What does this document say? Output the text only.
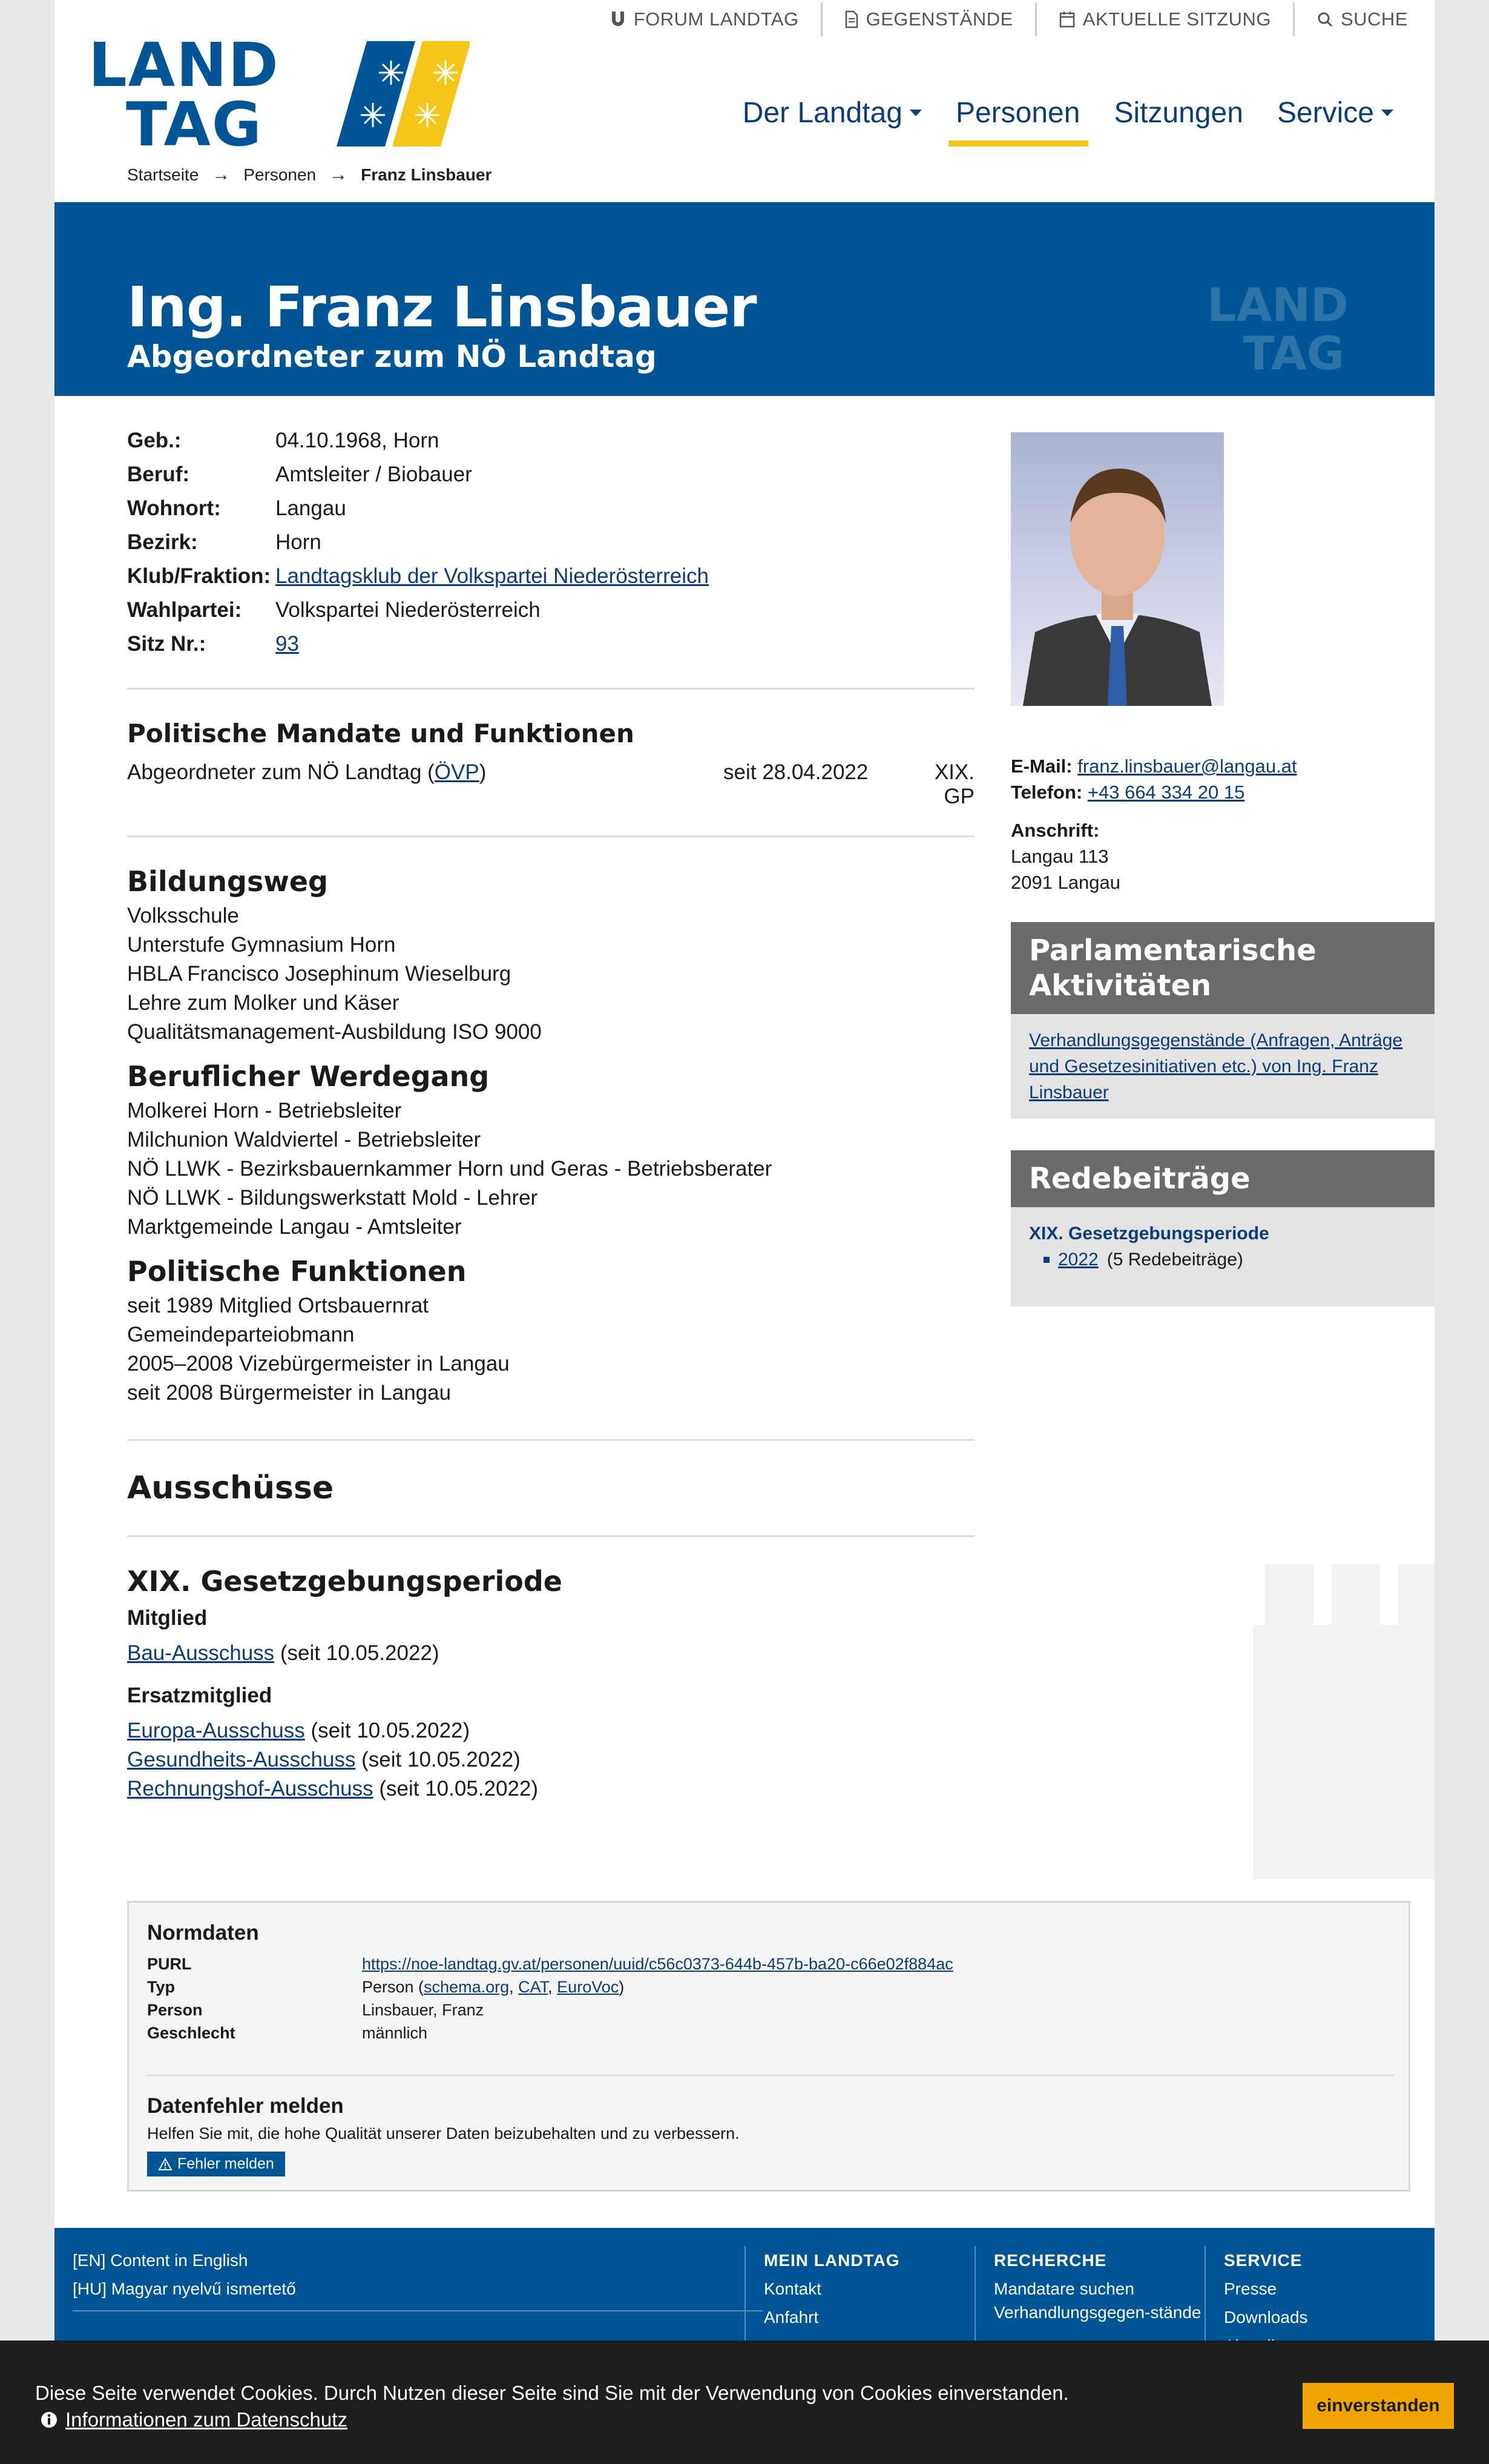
FORUM LANDTAG	GEGENSTÄNDE	AKTUELLE SITZUNG	SUCHE
LAND
TAG	Der Landtag Personen Sitzungen Service
Startseite → Personen → Franz Linsbauer
Ing. Franz Linsbauer
Abgeordneter zum NÖ Landtag
LAND
TAG
Geb.:	04.10.1968, Horn
Beruf:	Amtsleiter / Biobauer
Wohnort:	Langau
Bezirk:	Horn
Klub/Fraktion: Landtagsklub der Volkspartei Niederösterreich
Wahlpartei:	Volkspartei Niederösterreich
Sitz Nr.:	93
Politische Mandate und Funktionen
Abgeordneter zum NÖ Landtag (ÖVP)	seit 28.04.2022	XIX. GP
Bildungsweg
Volksschule
Unterstufe Gymnasium Horn
HBLA Francisco Josephinum Wieselburg
Lehre zum Molker und Käser
Qualitätsmanagement-Ausbildung ISO 9000
Beruflicher Werdegang
Molkerei Horn - Betriebsleiter
Milchunion Waldviertel - Betriebsleiter
NÖ LLWK - Bezirksbauernkammer Horn und Geras - Betriebsberater
NÖ LLWK - Bildungswerkstatt Mold - Lehrer
Marktgemeinde Langau - Amtsleiter
Politische Funktionen
seit 1989 Mitglied Ortsbauernrat
Gemeindeparteiobmann
2005–2008 Vizebürgermeister in Langau
seit 2008 Bürgermeister in Langau
Ausschüsse
XIX. Gesetzgebungsperiode
Mitglied
Bau-Ausschuss (seit 10.05.2022)
Ersatzmitglied
Europa-Ausschuss (seit 10.05.2022)
Gesundheits-Ausschuss (seit 10.05.2022)
Rechnungshof-Ausschuss (seit 10.05.2022)
E-Mail: franz.linsbauer@langau.at
Telefon: +43 664 334 20 15
Anschrift:
Langau 113
2091 Langau
Parlamentarische Aktivitäten
Verhandlungsgegenstände (Anfragen, Anträge und Gesetzesinitiativen etc.) von Ing. Franz Linsbauer
Redebeiträge
XIX. Gesetzgebungsperiode
2022 (5 Redebeiträge)
Normdaten
PURL	https://noe-landtag.gv.at/personen/uuid/c56c0373-644b-457b-ba20-c66e02f884ac
Typ	Person (schema.org, CAT, EuroVoc)
Person	Linsbauer, Franz
Geschlecht	männlich
Datenfehler melden
Helfen Sie mit, die hohe Qualität unserer Daten beizubehalten und zu verbessern.
Fehler melden
[EN] Content in English
[HU] Magyar nyelvű ismertető
MEIN LANDTAG
Kontakt
Anfahrt
RECHERCHE
Mandatare suchen
Verhandlungsgegen-stände
SERVICE
Presse
Downloads
Diese Seite verwendet Cookies. Durch Nutzen dieser Seite sind Sie mit der Verwendung von Cookies einverstanden.
Informationen zum Datenschutz
einverstanden
